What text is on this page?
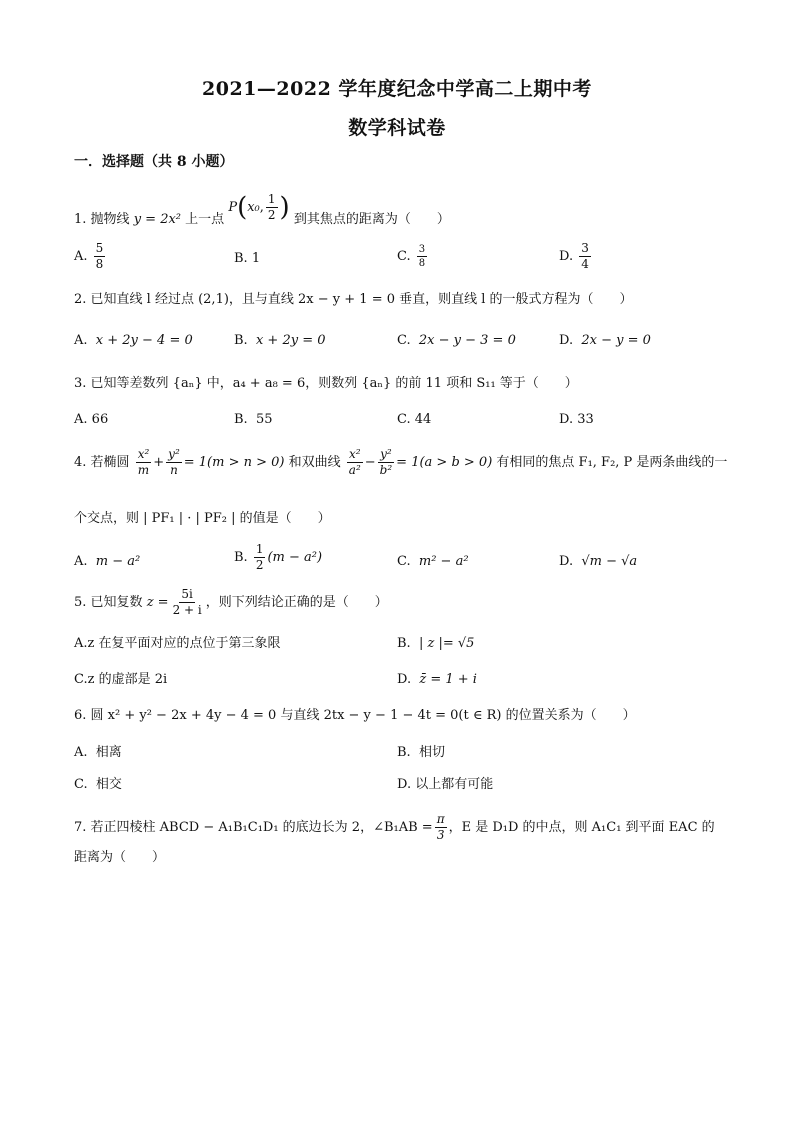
2021—2022 学年度纪念中学高二上期中考
数学科试卷
一．选择题（共 8 小题）
1. 抛物线 y = 2x² 上一点 P(x₀, $\frac{1}{2}$ ) 到其焦点的距离为（　　）
A. $\frac{5}{8}$	B. 1	C. $\frac{3}{8}$	D. $\frac{3}{4}$
2. 已知直线 l 经过点 (2,1)，且与直线 2x − y + 1 = 0 垂直，则直线 l 的一般式方程为（　　）
A. x + 2y − 4 = 0	B. x + 2y = 0	C. 2x − y − 3 = 0	D. 2x − y = 0
3. 已知等差数列 {aₙ} 中，a₄ + a₈ = 6，则数列 {aₙ} 的前 11 项和 S₁₁ 等于（　　）
A. 66	B. 55	C. 44	D. 33
4. 若椭圆 $\frac{\text{x²}}{m} + \frac{\text{y²}}{n} = 1(m > n > 0)$ 和双曲线 $\frac{\text{x²}}{\text{a²}} - \frac{\text{y²}}{\text{b²}} = 1(a > b > 0)$ 有相同的焦点 F₁, F₂, P 是两条曲线的一
个交点，则 | PF₁ | · | PF₂ | 的值是（　　）
A. m − a²	B. $\frac{1}{2} (m - a^2)$	C. m² − a²	D. √m − √a
5. 已知复数 $z = \frac{5i}{2 + i}$ ，则下列结论正确的是（　　）
A.z 在复平面对应的点位于第三象限	B. | z |= √5
C.z 的虚部是 2i	D. z̄ = 1 + i
6. 圆 x² + y² − 2x + 4y − 4 = 0 与直线 2tx − y − 1 − 4t = 0(t ∈ R) 的位置关系为（　　）
A. 相离	B. 相切
C. 相交	D. 以上都有可能
7. 若正四棱柱 ABCD − A₁B₁C₁D₁ 的底边长为 2，∠B₁AB = $\frac{\pi}{3}$ ，E 是 D₁D 的中点，则 A₁C₁ 到平面 EAC 的
距离为（　　）
